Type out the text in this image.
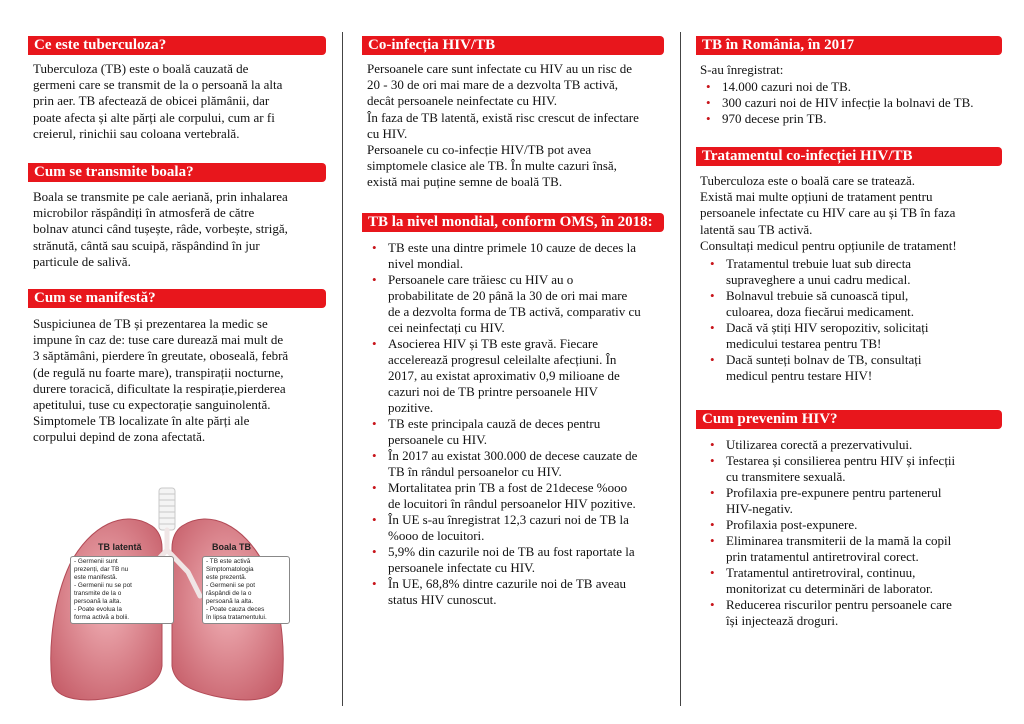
Ce este tuberculoza?

Tuberculoza (TB) este o boală cauzată de

germeni care se transmit de la o persoană la alta

prin aer. TB afectează de obicei plămânii, dar

poate afecta și alte părți ale corpului, cum ar fi

creierul, rinichii sau coloana vertebrală.

Cum se transmite boala?

Boala se transmite pe cale aeriană, prin inhalarea

microbilor răspândiți în atmosferă de către

bolnav atunci când tușește, râde, vorbește, strigă,

strănută, cântă sau scuipă, răspândind în jur

particule de salivă.

Cum se manifestă?

Suspiciunea de TB și prezentarea la medic se

impune în caz de: tuse care durează mai mult de

3 săptămâni, pierdere în greutate, oboseală, febră

(de regulă nu foarte mare), transpirații nocturne,

durere toracică, dificultate la respirație,pierderea

apetitului, tuse cu expectorație sanguinolentă.

Simptomele TB localizate în alte părți ale

corpului depind de zona afectată.

TB latentă
- Germenii sunt
prezenți, dar TB nu
este manifestă.
- Germenii nu se pot
transmite de la o
persoană la alta.
- Poate evolua la
forma activă a bolii.
Boala TB
- TB este activă
Simptomatologia
este prezentă.
- Germenii se pot
răspândi de la o
persoană la alta.
- Poate cauza deces
în lipsa tratamentului.
Co-infecția HIV/TB

Persoanele care sunt infectate cu HIV au un risc de

20 - 30 de ori mai mare de a dezvolta TB activă,

decât persoanele neinfectate cu HIV.

În faza de TB latentă, există risc crescut de infectare

cu HIV.

Persoanele cu co-infecție HIV/TB pot avea

simptomele clasice ale TB. În multe cazuri însă,

există mai puține semne de boală TB.

TB la nivel mondial, conform OMS, în 2018:
• TB este una dintre primele 10 cauze de deces la
nivel mondial.
• Persoanele care trăiesc cu HIV au o
probabilitate de 20 până la 30 de ori mai mare
de a dezvolta forma de TB activă, comparativ cu
cei neinfectați cu HIV.
• Asocierea HIV și TB este gravă. Fiecare
accelerează progresul celeilalte afecțiuni. În
2017, au existat aproximativ 0,9 milioane de
cazuri noi de TB printre persoanele HIV
pozitive.
• TB este principala cauză de deces pentru
persoanele cu HIV.
• În 2017 au existat 300.000 de decese cauzate de
TB în rândul persoanelor cu HIV.
• Mortalitatea prin TB a fost de 21decese %ooo
de locuitori în rândul persoanelor HIV pozitive.
• În UE s-au înregistrat 12,3 cazuri noi de TB la
%ooo de locuitori.
• 5,9% din cazurile noi de TB au fost raportate la
persoanele infectate cu HIV.
• În UE, 68,8% dintre cazurile noi de TB aveau
status HIV cunoscut.
TB în România, în 2017

S-au înregistrat:

• 14.000 cazuri noi de TB.
• 300 cazuri noi de HIV infecție la bolnavi de TB.
• 970 decese prin TB.
Tratamentul co-infecției HIV/TB

Tuberculoza este o boală care se tratează.

Există mai multe opțiuni de tratament pentru

persoanele infectate cu HIV care au și TB în faza

latentă sau TB activă.

Consultați medicul pentru opțiunile de tratament!

• Tratamentul trebuie luat sub directa
supraveghere a unui cadru medical.
• Bolnavul trebuie să cunoască tipul,
culoarea, doza fiecărui medicament.
• Dacă vă știți HIV seropozitiv, solicitați
medicului testarea pentru TB!
• Dacă sunteți bolnav de TB, consultați
medicul pentru testare HIV!
Cum prevenim HIV?
• Utilizarea corectă a prezervativului.
• Testarea și consilierea pentru HIV și infecții
cu transmitere sexuală.
• Profilaxia pre-expunere pentru partenerul
HIV-negativ.
• Profilaxia post-expunere.
• Eliminarea transmiterii de la mamă la copil
prin tratamentul antiretroviral corect.
• Tratamentul antiretroviral, continuu,
monitorizat cu determinări de laborator.
• Reducerea riscurilor pentru persoanele care
își injectează droguri.
